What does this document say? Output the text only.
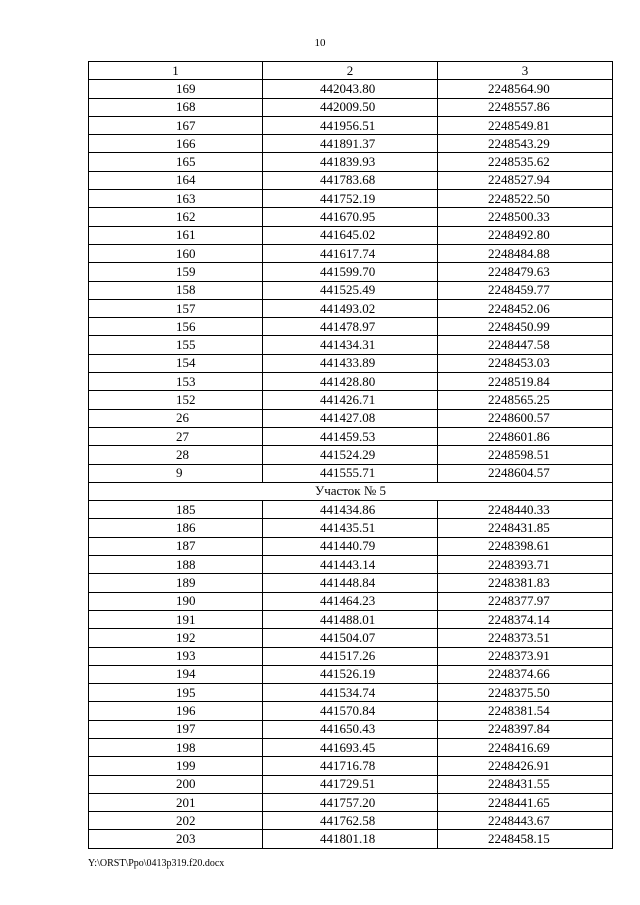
10
1	2	3
169	442043.80	2248564.90
168	442009.50	2248557.86
167	441956.51	2248549.81
166	441891.37	2248543.29
165	441839.93	2248535.62
164	441783.68	2248527.94
163	441752.19	2248522.50
162	441670.95	2248500.33
161	441645.02	2248492.80
160	441617.74	2248484.88
159	441599.70	2248479.63
158	441525.49	2248459.77
157	441493.02	2248452.06
156	441478.97	2248450.99
155	441434.31	2248447.58
154	441433.89	2248453.03
153	441428.80	2248519.84
152	441426.71	2248565.25
26	441427.08	2248600.57
27	441459.53	2248601.86
28	441524.29	2248598.51
9	441555.71	2248604.57
Участок № 5		
185	441434.86	2248440.33
186	441435.51	2248431.85
187	441440.79	2248398.61
188	441443.14	2248393.71
189	441448.84	2248381.83
190	441464.23	2248377.97
191	441488.01	2248374.14
192	441504.07	2248373.51
193	441517.26	2248373.91
194	441526.19	2248374.66
195	441534.74	2248375.50
196	441570.84	2248381.54
197	441650.43	2248397.84
198	441693.45	2248416.69
199	441716.78	2248426.91
200	441729.51	2248431.55
201	441757.20	2248441.65
202	441762.58	2248443.67
203	441801.18	2248458.15
Y:\ORST\Ppo\0413p319.f20.docx
